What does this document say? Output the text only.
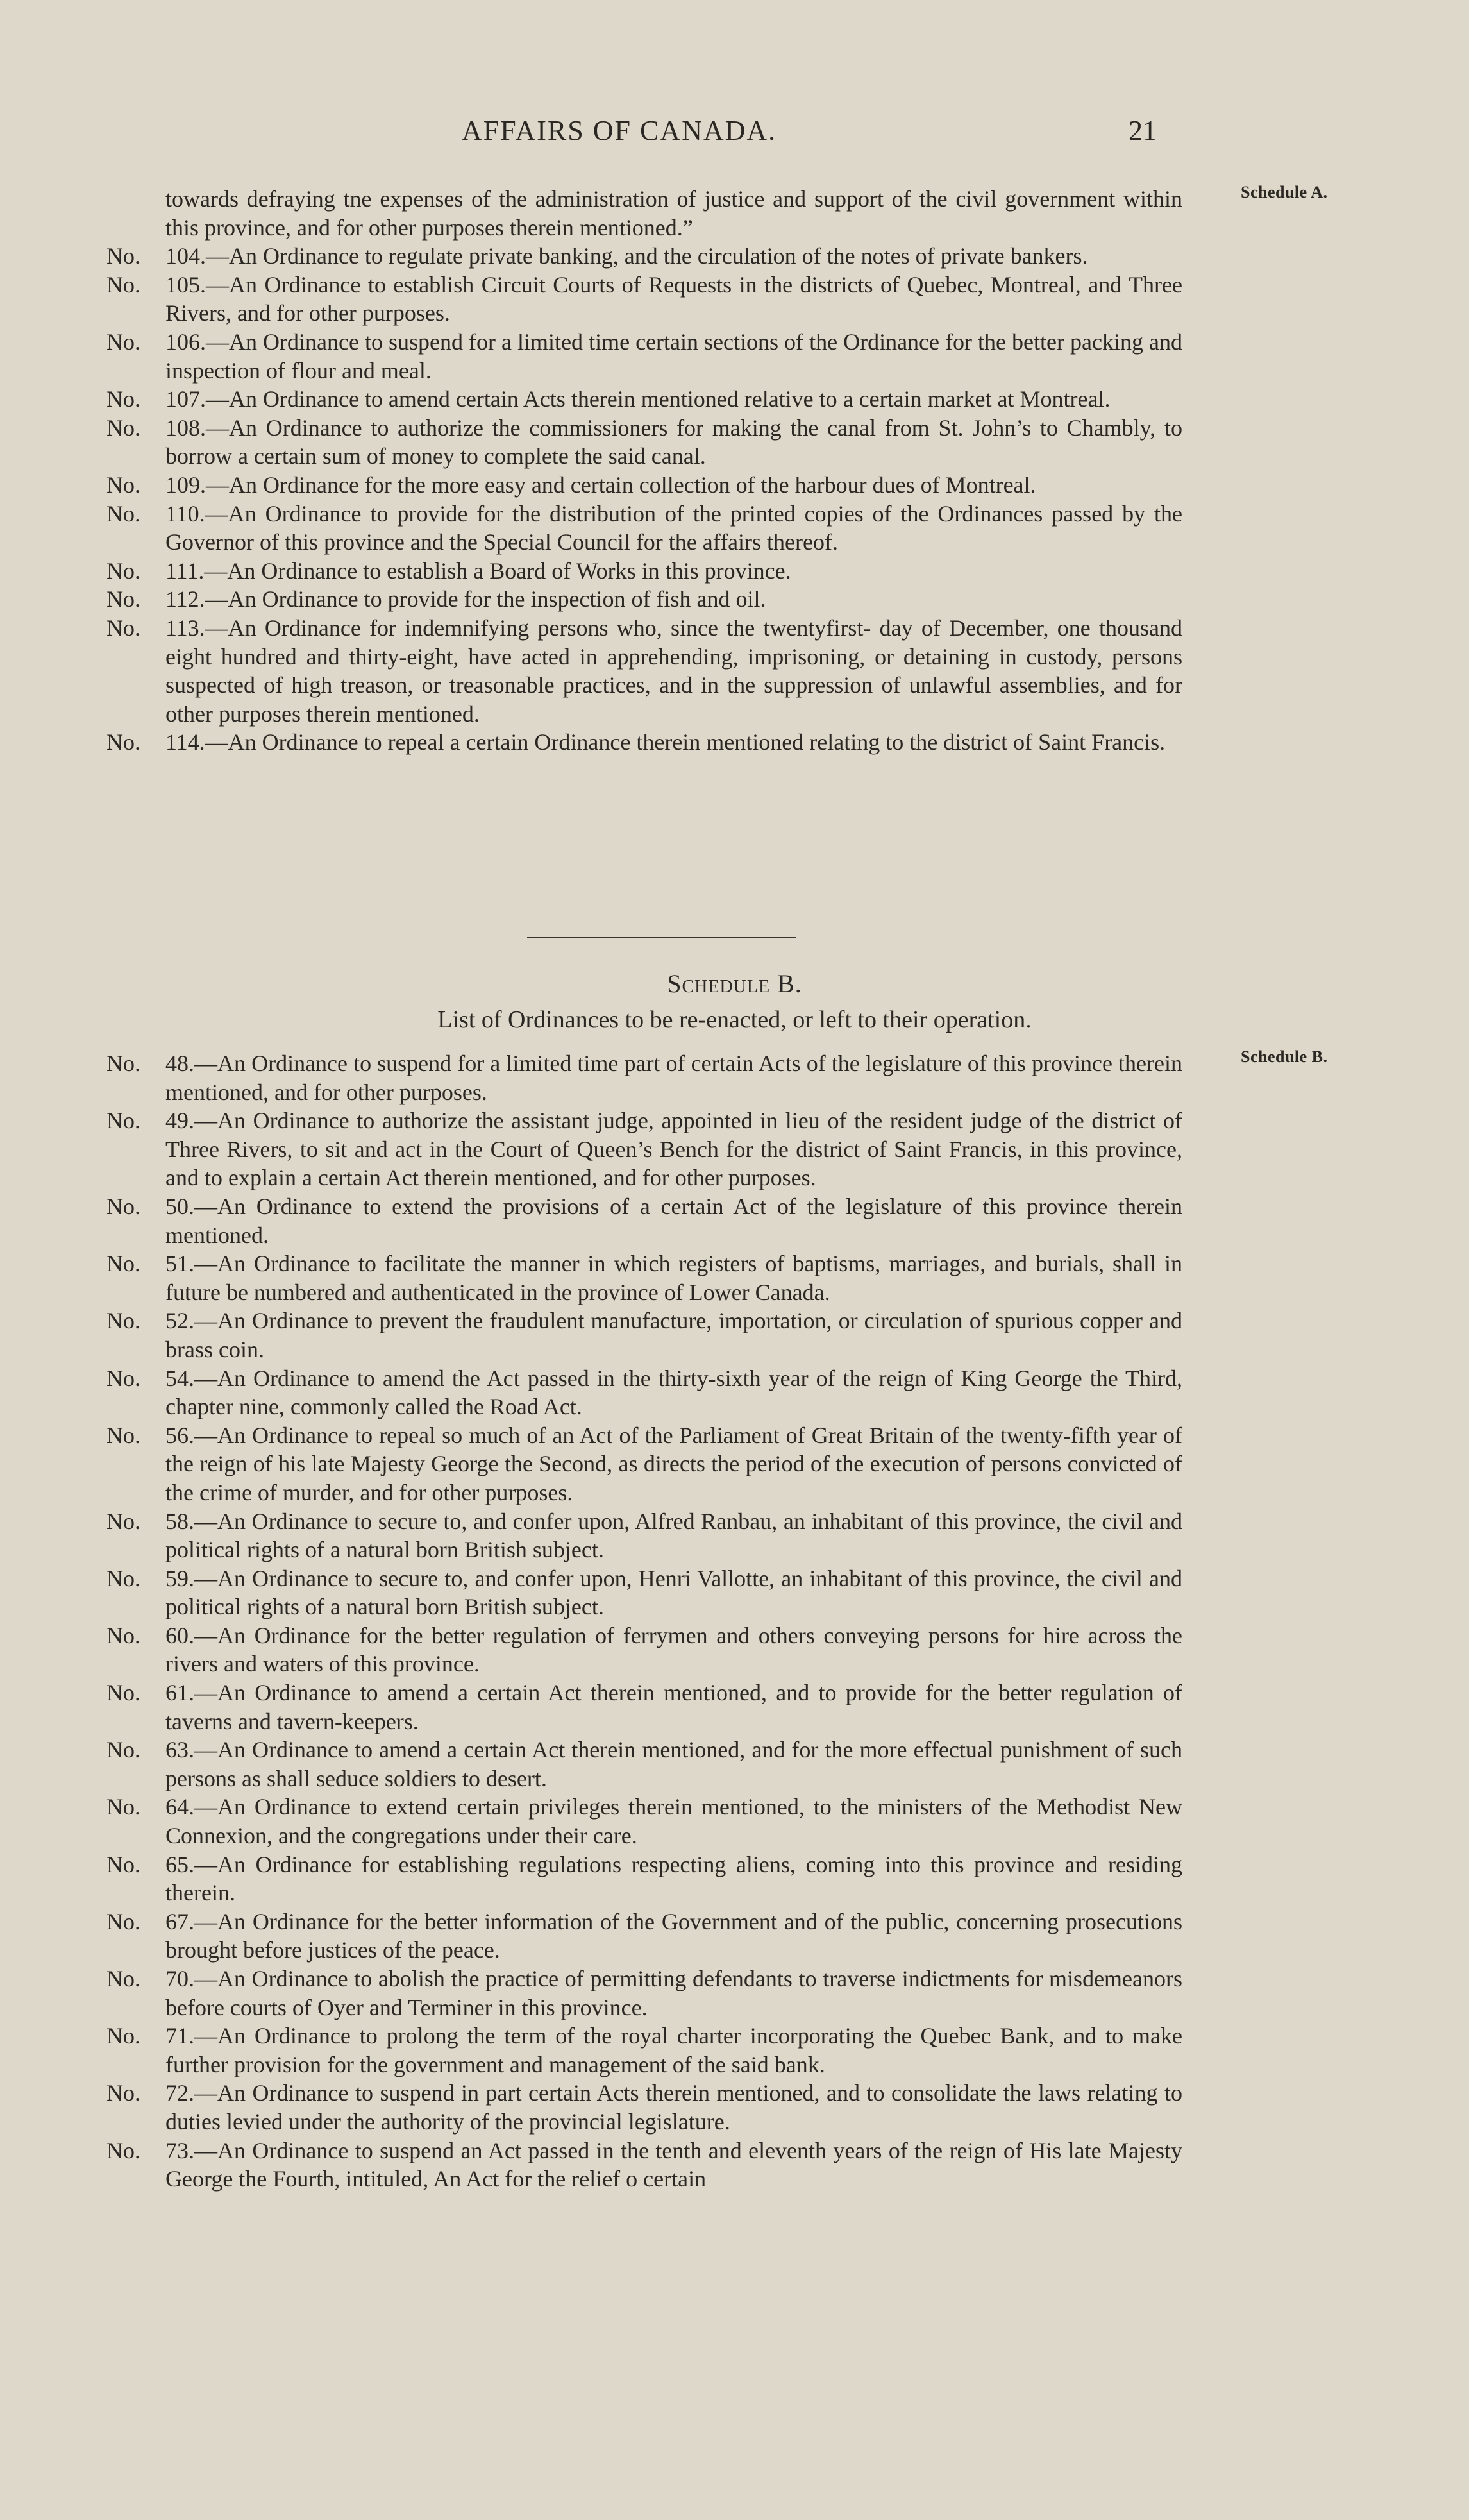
AFFAIRS OF CANADA.	21
Schedule A.
Schedule B.
towards defraying tne expenses of the administration of justice and support of the civil government within this province, and for other purposes therein mentioned.”
No.	104.—An Ordinance to regulate private banking, and the circulation of the notes of private bankers.
No.	105.—An Ordinance to establish Circuit Courts of Requests in the districts of Quebec, Montreal, and Three Rivers, and for other purposes.
No.	106.—An Ordinance to suspend for a limited time certain sections of the Ordinance for the better packing and inspection of flour and meal.
No.	107.—An Ordinance to amend certain Acts therein mentioned relative to a certain market at Montreal.
No.	108.—An Ordinance to authorize the commissioners for making the canal from St. John’s to Chambly, to borrow a certain sum of money to complete the said canal.
No.	109.—An Ordinance for the more easy and certain collection of the harbour dues of Montreal.
No.	110.—An Ordinance to provide for the distribution of the printed copies of the Ordinances passed by the Governor of this province and the Special Council for the affairs thereof.
No.	111.—An Ordinance to establish a Board of Works in this province.
No.	112.—An Ordinance to provide for the inspection of fish and oil.
No.	113.—An Ordinance for indemnifying persons who, since the twentyfirst- day of December, one thousand eight hundred and thirty-eight, have acted in apprehending, imprisoning, or detaining in custody, persons suspected of high treason, or treasonable practices, and in the suppression of unlawful assemblies, and for other purposes therein mentioned.
No.	114.—An Ordinance to repeal a certain Ordinance therein mentioned relating to the district of Saint Francis.
Schedule B.
List of Ordinances to be re-enacted, or left to their operation.
No.	48.—An Ordinance to suspend for a limited time part of certain Acts of the legislature of this province therein mentioned, and for other purposes.
No.	49.—An Ordinance to authorize the assistant judge, appointed in lieu of the resident judge of the district of Three Rivers, to sit and act in the Court of Queen’s Bench for the district of Saint Francis, in this province, and to explain a certain Act therein mentioned, and for other purposes.
No.	50.—An Ordinance to extend the provisions of a certain Act of the legislature of this province therein mentioned.
No.	51.—An Ordinance to facilitate the manner in which registers of baptisms, marriages, and burials, shall in future be numbered and authenticated in the province of Lower Canada.
No.	52.—An Ordinance to prevent the fraudulent manufacture, importation, or circulation of spurious copper and brass coin.
No.	54.—An Ordinance to amend the Act passed in the thirty-sixth year of the reign of King George the Third, chapter nine, commonly called the Road Act.
No.	56.—An Ordinance to repeal so much of an Act of the Parliament of Great Britain of the twenty-fifth year of the reign of his late Majesty George the Second, as directs the period of the execution of persons convicted of the crime of murder, and for other purposes.
No.	58.—An Ordinance to secure to, and confer upon, Alfred Ranbau, an inhabitant of this province, the civil and political rights of a natural born British subject.
No.	59.—An Ordinance to secure to, and confer upon, Henri Vallotte, an inhabitant of this province, the civil and political rights of a natural born British subject.
No.	60.—An Ordinance for the better regulation of ferrymen and others conveying persons for hire across the rivers and waters of this province.
No.	61.—An Ordinance to amend a certain Act therein mentioned, and to provide for the better regulation of taverns and tavern-keepers.
No.	63.—An Ordinance to amend a certain Act therein mentioned, and for the more effectual punishment of such persons as shall seduce soldiers to desert.
No.	64.—An Ordinance to extend certain privileges therein mentioned, to the ministers of the Methodist New Connexion, and the congregations under their care.
No.	65.—An Ordinance for establishing regulations respecting aliens, coming into this province and residing therein.
No.	67.—An Ordinance for the better information of the Government and of the public, concerning prosecutions brought before justices of the peace.
No.	70.—An Ordinance to abolish the practice of permitting defendants to traverse indictments for misdemeanors before courts of Oyer and Terminer in this province.
No.	71.—An Ordinance to prolong the term of the royal charter incorporating the Quebec Bank, and to make further provision for the government and management of the said bank.
No.	72.—An Ordinance to suspend in part certain Acts therein mentioned, and to consolidate the laws relating to duties levied under the authority of the provincial legislature.
No.	73.—An Ordinance to suspend an Act passed in the tenth and eleventh years of the reign of His late Majesty George the Fourth, intituled, An Act for the relief o certain
